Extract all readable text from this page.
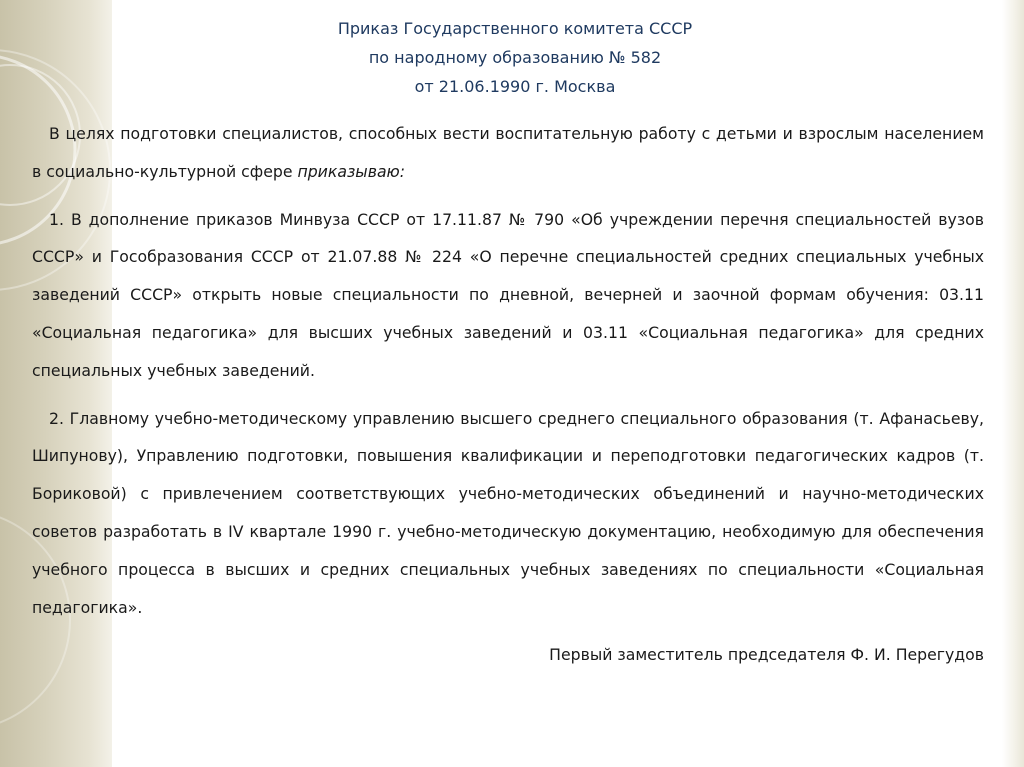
Приказ Государственного комитета СССР
по народному образованию № 582
от 21.06.1990 г. Москва

В целях подготовки специалистов, способных вести воспитательную работу с детьми и взрослым населением в социально-культурной сфере приказываю:

1. В дополнение приказов Минвуза СССР от 17.11.87 № 790 «Об учреждении перечня специальностей вузов СССР» и Гособразования СССР от 21.07.88 № 224 «О перечне специальностей средних специальных учебных заведений СССР» открыть новые специальности по дневной, вечерней и заочной формам обучения: 03.11 «Социальная педагогика» для высших учебных заведений и 03.11 «Социальная педагогика» для средних специальных учебных заведений.

2. Главному учебно-методическому управлению высшего среднего специального образования (т. Афанасьеву, Шипунову), Управлению подготовки, повышения квалификации и переподготовки педагогических кадров (т. Бориковой) с привлечением соответствующих учебно-методических объединений и научно-методических советов разработать в IV квартале 1990 г. учебно-методическую документацию, необходимую для обеспечения учебного процесса в высших и средних специальных учебных заведениях по специальности «Социальная педагогика».

Первый заместитель председателя Ф. И. Перегудов
